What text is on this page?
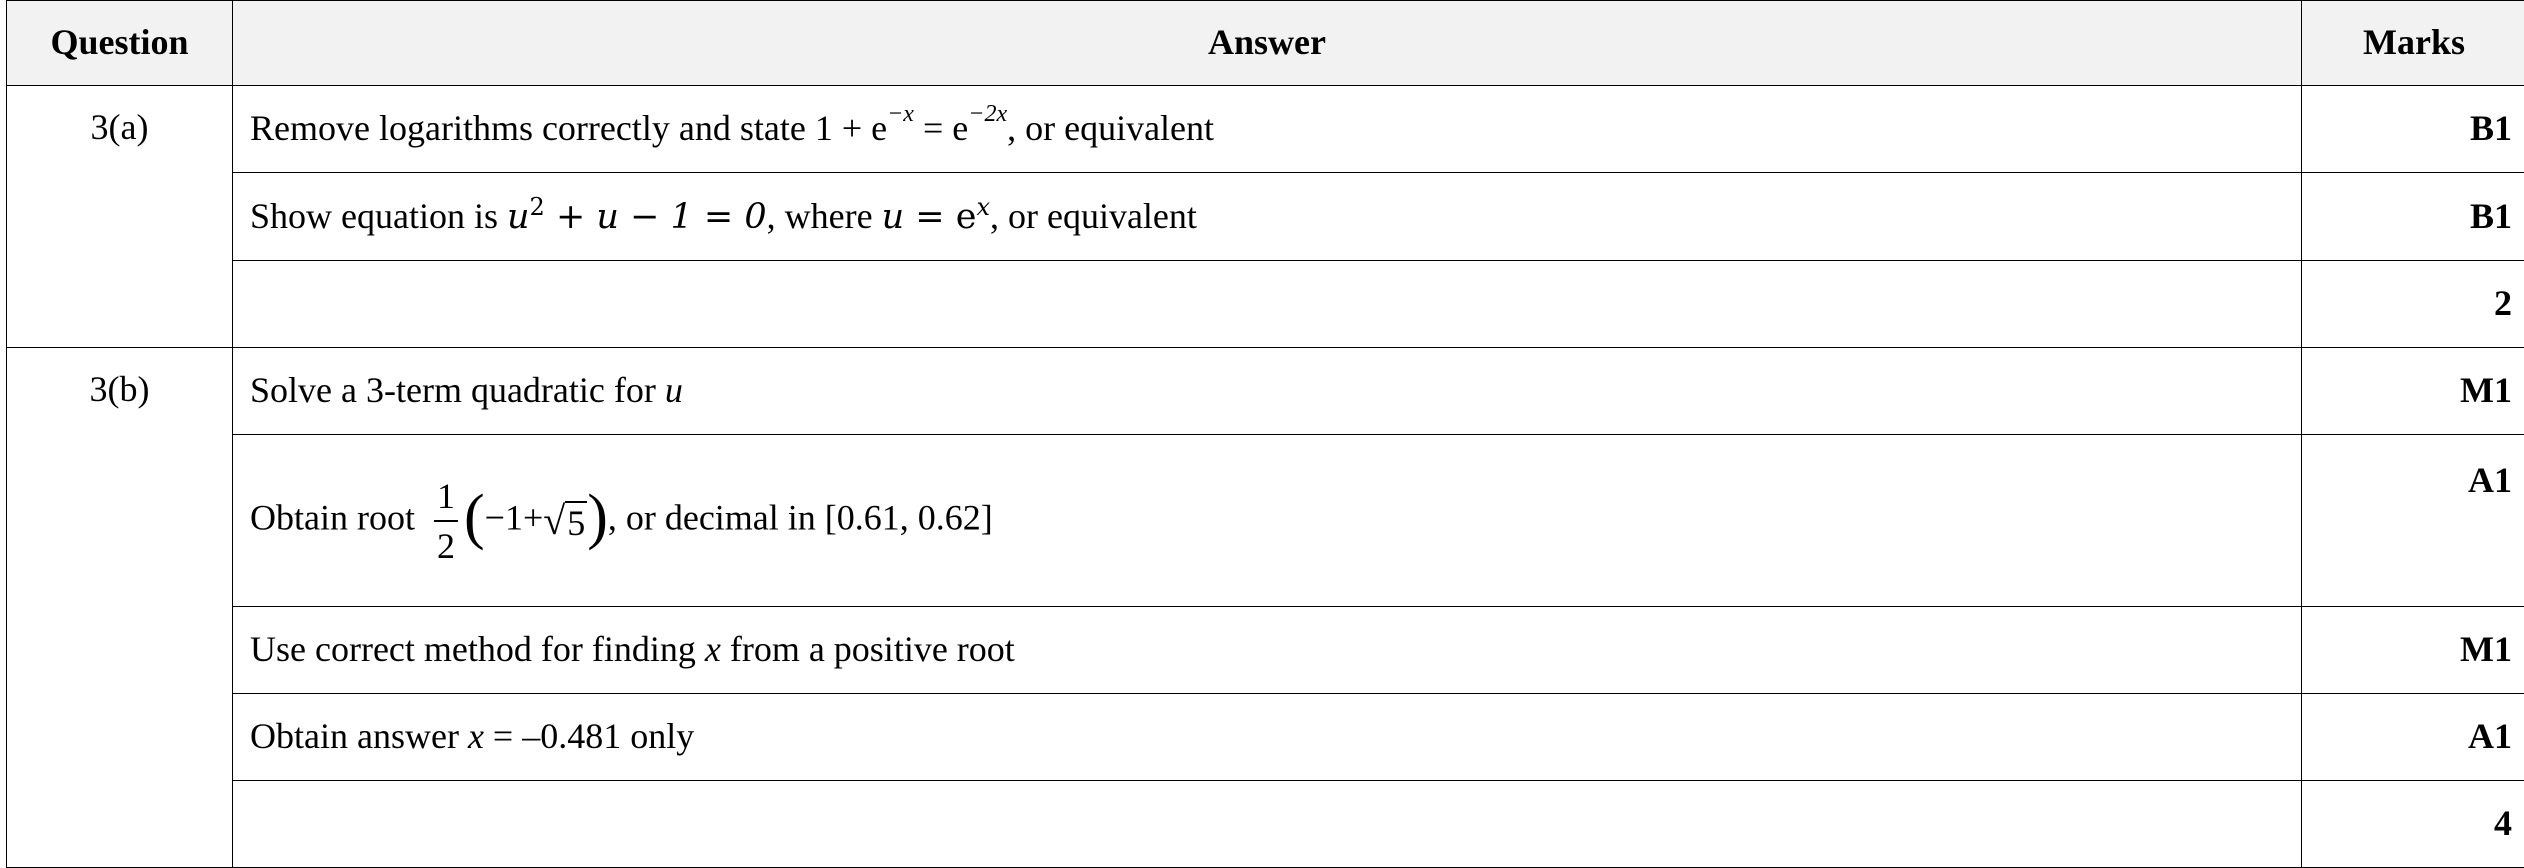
Question	Answer	Marks
3(a)	Remove logarithms correctly and state $1 + e^{-x} = e^{-2x}$, or equivalent	B1
	Show equation is $u^2 + u - 1 = 0$, where $u = e^x$, or equivalent	B1
		2
3(b)	Solve a 3-term quadratic for u	M1
	Obtain root $\frac{1}{2} (-1+√5)$, or decimal in [0.61, 0.62]	A1
	Use correct method for finding x from a positive root	M1
	Obtain answer x = –0.481 only	A1
		4
